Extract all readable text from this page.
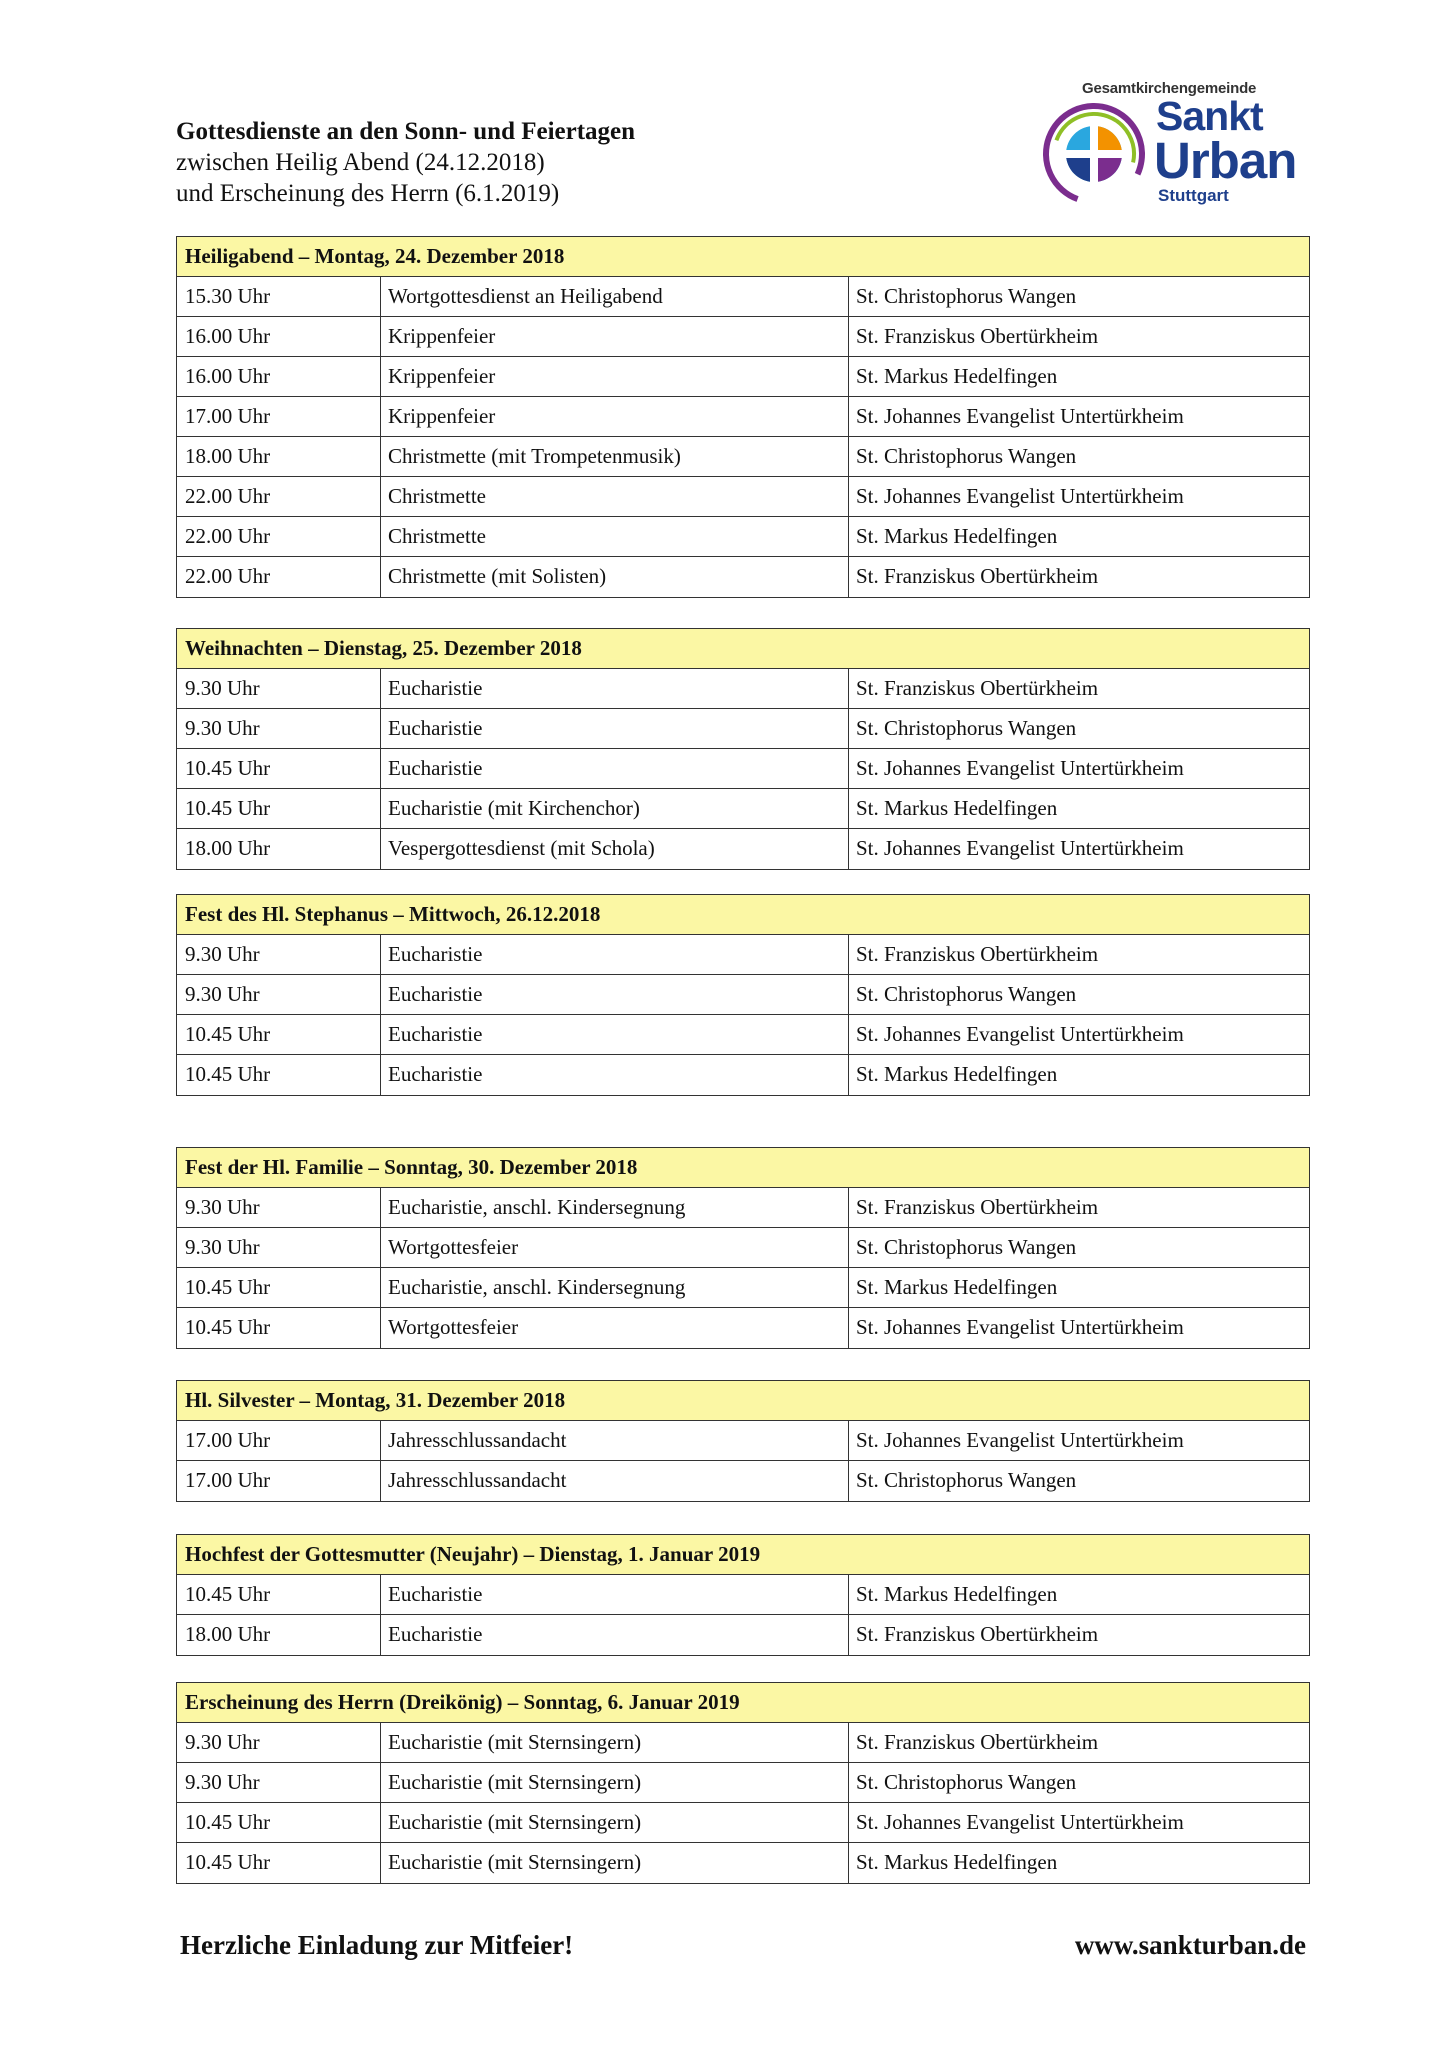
Gottesdienste an den Sonn- und Feiertagen
zwischen Heilig Abend (24.12.2018)
und Erscheinung des Herrn (6.1.2019)
Gesamtkirchengemeinde
Sankt
Urban
Stuttgart
Heiligabend – Montag, 24. Dezember 2018
15.30 Uhr	Wortgottesdienst an Heiligabend	St. Christophorus Wangen
16.00 Uhr	Krippenfeier	St. Franziskus Obertürkheim
16.00 Uhr	Krippenfeier	St. Markus Hedelfingen
17.00 Uhr	Krippenfeier	St. Johannes Evangelist Untertürkheim
18.00 Uhr	Christmette (mit Trompetenmusik)	St. Christophorus Wangen
22.00 Uhr	Christmette	St. Johannes Evangelist Untertürkheim
22.00 Uhr	Christmette	St. Markus Hedelfingen
22.00 Uhr	Christmette (mit Solisten)	St. Franziskus Obertürkheim
Weihnachten – Dienstag, 25. Dezember 2018
9.30 Uhr	Eucharistie	St. Franziskus Obertürkheim
9.30 Uhr	Eucharistie	St. Christophorus Wangen
10.45 Uhr	Eucharistie	St. Johannes Evangelist Untertürkheim
10.45 Uhr	Eucharistie (mit Kirchenchor)	St. Markus Hedelfingen
18.00 Uhr	Vespergottesdienst (mit Schola)	St. Johannes Evangelist Untertürkheim
Fest des Hl. Stephanus – Mittwoch, 26.12.2018
9.30 Uhr	Eucharistie	St. Franziskus Obertürkheim
9.30 Uhr	Eucharistie	St. Christophorus Wangen
10.45 Uhr	Eucharistie	St. Johannes Evangelist Untertürkheim
10.45 Uhr	Eucharistie	St. Markus Hedelfingen
Fest der Hl. Familie – Sonntag, 30. Dezember 2018
9.30 Uhr	Eucharistie, anschl. Kindersegnung	St. Franziskus Obertürkheim
9.30 Uhr	Wortgottesfeier	St. Christophorus Wangen
10.45 Uhr	Eucharistie, anschl. Kindersegnung	St. Markus Hedelfingen
10.45 Uhr	Wortgottesfeier	St. Johannes Evangelist Untertürkheim
Hl. Silvester – Montag, 31. Dezember 2018
17.00 Uhr	Jahresschlussandacht	St. Johannes Evangelist Untertürkheim
17.00 Uhr	Jahresschlussandacht	St. Christophorus Wangen
Hochfest der Gottesmutter (Neujahr) – Dienstag, 1. Januar 2019
10.45 Uhr	Eucharistie	St. Markus Hedelfingen
18.00 Uhr	Eucharistie	St. Franziskus Obertürkheim
Erscheinung des Herrn (Dreikönig) – Sonntag, 6. Januar 2019
9.30 Uhr	Eucharistie (mit Sternsingern)	St. Franziskus Obertürkheim
9.30 Uhr	Eucharistie (mit Sternsingern)	St. Christophorus Wangen
10.45 Uhr	Eucharistie (mit Sternsingern)	St. Johannes Evangelist Untertürkheim
10.45 Uhr	Eucharistie (mit Sternsingern)	St. Markus Hedelfingen
Herzliche Einladung zur Mitfeier!	www.sankturban.de
